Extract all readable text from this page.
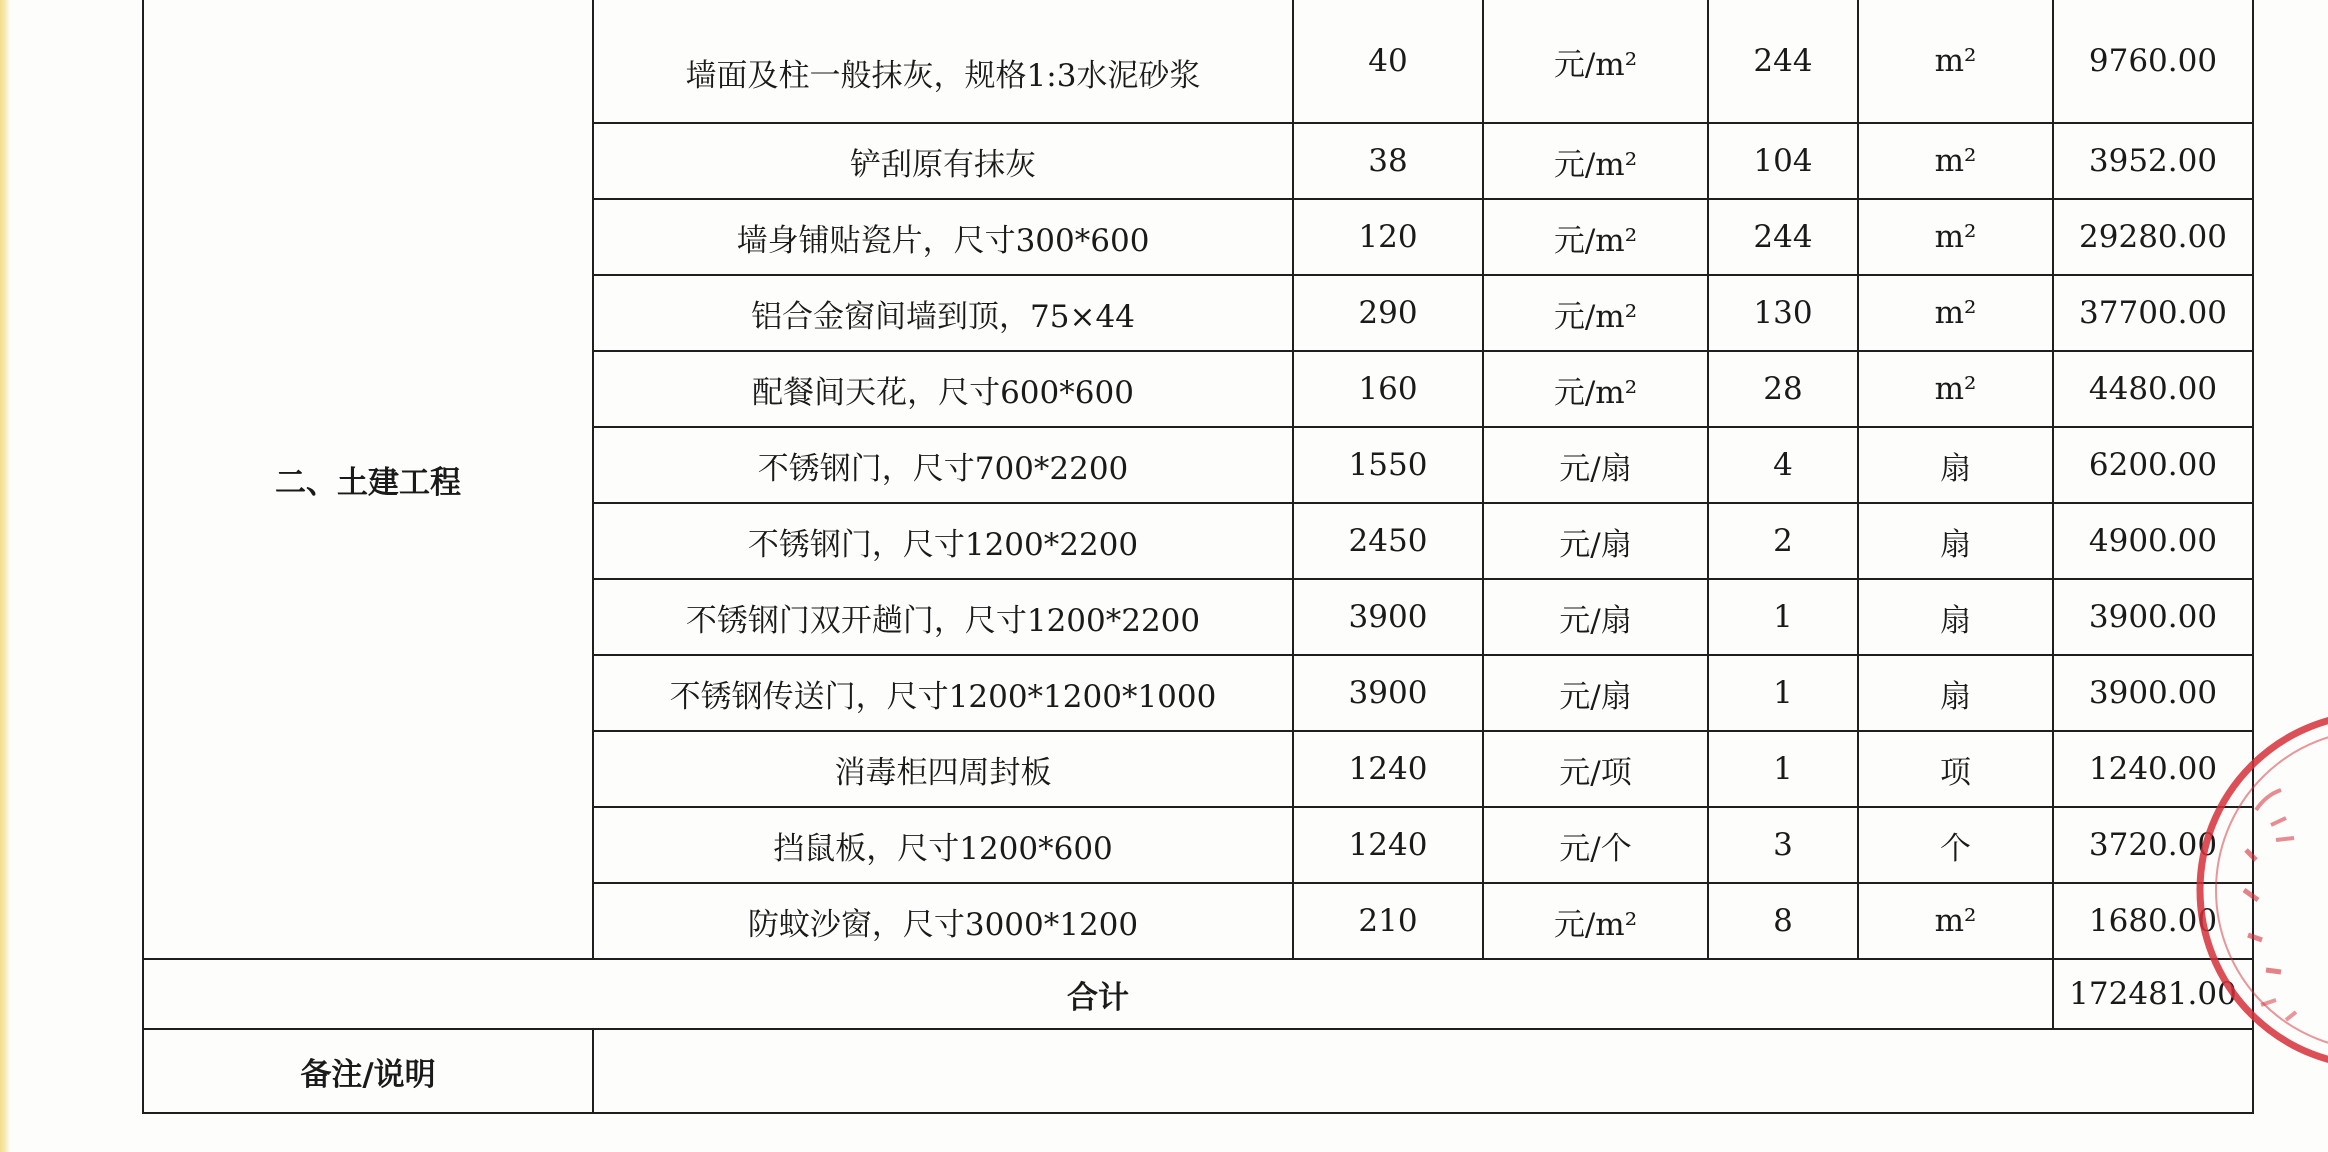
二、土建工程	墙面及柱一般抹灰，规格1:3水泥砂浆	40	元/m²	244	m²	9760.00
	铲刮原有抹灰	38	元/m²	104	m²	3952.00
	墙身铺贴瓷片，尺寸300*600	120	元/m²	244	m²	29280.00
	铝合金窗间墙到顶，75×44	290	元/m²	130	m²	37700.00
	配餐间天花，尺寸600*600	160	元/m²	28	m²	4480.00
	不锈钢门，尺寸700*2200	1550	元/扇	4	扇	6200.00
	不锈钢门，尺寸1200*2200	2450	元/扇	2	扇	4900.00
	不锈钢门双开趟门，尺寸1200*2200	3900	元/扇	1	扇	3900.00
	不锈钢传送门，尺寸1200*1200*1000	3900	元/扇	1	扇	3900.00
	消毒柜四周封板	1240	元/项	1	项	1240.00
	挡鼠板，尺寸1200*600	1240	元/个	3	个	3720.00
	防蚊沙窗，尺寸3000*1200	210	元/m²	8	m²	1680.00
合计						172481.00
备注/说明						
